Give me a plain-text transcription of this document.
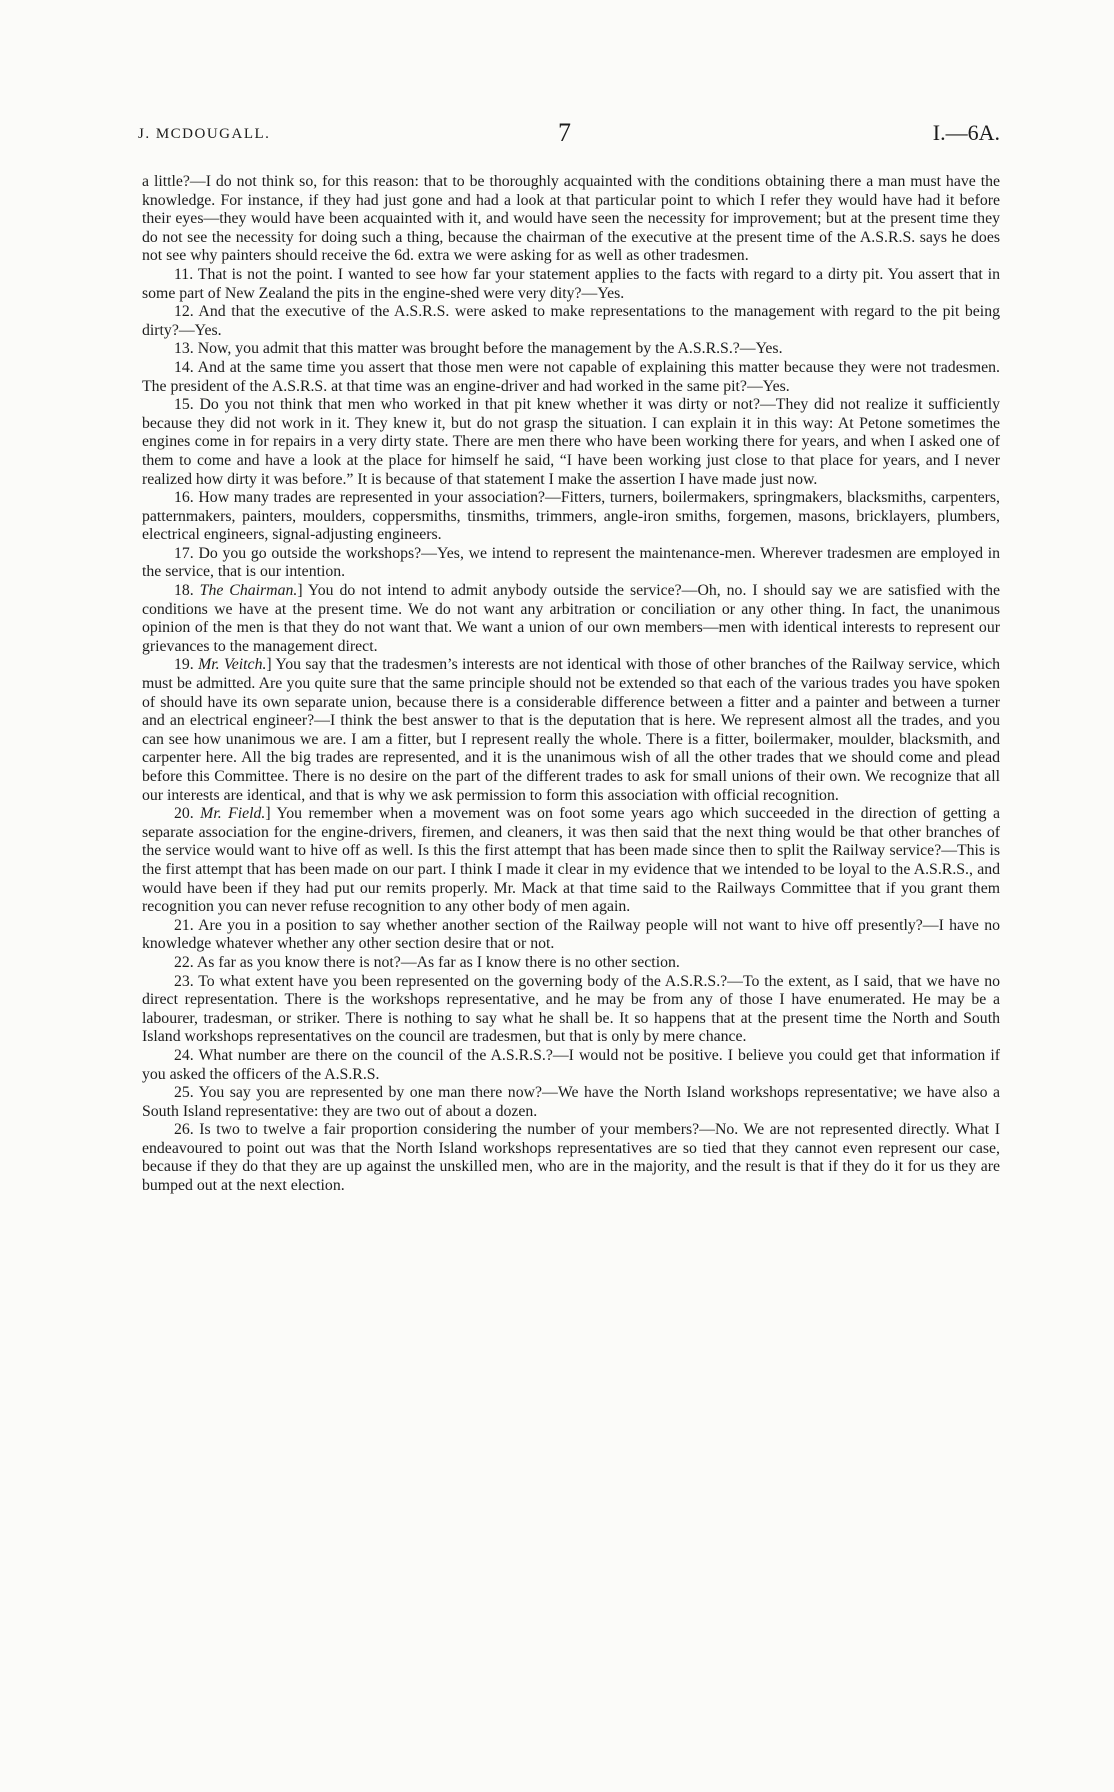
J. MCDOUGALL.	7	I.—6A.

a little?—I do not think so, for this reason: that to be thoroughly acquainted with the conditions obtaining there a man must have the knowledge. For instance, if they had just gone and had a look at that particular point to which I refer they would have had it before their eyes—they would have been acquainted with it, and would have seen the necessity for improvement; but at the present time they do not see the necessity for doing such a thing, because the chairman of the executive at the present time of the A.S.R.S. says he does not see why painters should receive the 6d. extra we were asking for as well as other tradesmen.

11. That is not the point. I wanted to see how far your statement applies to the facts with regard to a dirty pit. You assert that in some part of New Zealand the pits in the engine-shed were very dity?—Yes.

12. And that the executive of the A.S.R.S. were asked to make representations to the management with regard to the pit being dirty?—Yes.

13. Now, you admit that this matter was brought before the management by the A.S.R.S.?—Yes.

14. And at the same time you assert that those men were not capable of explaining this matter because they were not tradesmen. The president of the A.S.R.S. at that time was an engine-driver and had worked in the same pit?—Yes.

15. Do you not think that men who worked in that pit knew whether it was dirty or not?—They did not realize it sufficiently because they did not work in it. They knew it, but do not grasp the situation. I can explain it in this way: At Petone sometimes the engines come in for repairs in a very dirty state. There are men there who have been working there for years, and when I asked one of them to come and have a look at the place for himself he said, “I have been working just close to that place for years, and I never realized how dirty it was before.” It is because of that statement I make the assertion I have made just now.

16. How many trades are represented in your association?—Fitters, turners, boilermakers, springmakers, blacksmiths, carpenters, patternmakers, painters, moulders, coppersmiths, tinsmiths, trimmers, angle-iron smiths, forgemen, masons, bricklayers, plumbers, electrical engineers, signal-adjusting engineers.

17. Do you go outside the workshops?—Yes, we intend to represent the maintenance-men. Wherever tradesmen are employed in the service, that is our intention.

18. The Chairman.] You do not intend to admit anybody outside the service?—Oh, no. I should say we are satisfied with the conditions we have at the present time. We do not want any arbitration or conciliation or any other thing. In fact, the unanimous opinion of the men is that they do not want that. We want a union of our own members—men with identical interests to represent our grievances to the management direct.

19. Mr. Veitch.] You say that the tradesmen’s interests are not identical with those of other branches of the Railway service, which must be admitted. Are you quite sure that the same principle should not be extended so that each of the various trades you have spoken of should have its own separate union, because there is a considerable difference between a fitter and a painter and between a turner and an electrical engineer?—I think the best answer to that is the deputation that is here. We represent almost all the trades, and you can see how unanimous we are. I am a fitter, but I represent really the whole. There is a fitter, boilermaker, moulder, blacksmith, and carpenter here. All the big trades are represented, and it is the unanimous wish of all the other trades that we should come and plead before this Committee. There is no desire on the part of the different trades to ask for small unions of their own. We recognize that all our interests are identical, and that is why we ask permission to form this association with official recognition.

20. Mr. Field.] You remember when a movement was on foot some years ago which succeeded in the direction of getting a separate association for the engine-drivers, firemen, and cleaners, it was then said that the next thing would be that other branches of the service would want to hive off as well. Is this the first attempt that has been made since then to split the Railway service?—This is the first attempt that has been made on our part. I think I made it clear in my evidence that we intended to be loyal to the A.S.R.S., and would have been if they had put our remits properly. Mr. Mack at that time said to the Railways Committee that if you grant them recognition you can never refuse recognition to any other body of men again.

21. Are you in a position to say whether another section of the Railway people will not want to hive off presently?—I have no knowledge whatever whether any other section desire that or not.

22. As far as you know there is not?—As far as I know there is no other section.

23. To what extent have you been represented on the governing body of the A.S.R.S.?—To the extent, as I said, that we have no direct representation. There is the workshops representative, and he may be from any of those I have enumerated. He may be a labourer, tradesman, or striker. There is nothing to say what he shall be. It so happens that at the present time the North and South Island workshops representatives on the council are tradesmen, but that is only by mere chance.

24. What number are there on the council of the A.S.R.S.?—I would not be positive. I believe you could get that information if you asked the officers of the A.S.R.S.

25. You say you are represented by one man there now?—We have the North Island workshops representative; we have also a South Island representative: they are two out of about a dozen.

26. Is two to twelve a fair proportion considering the number of your members?—No. We are not represented directly. What I endeavoured to point out was that the North Island workshops representatives are so tied that they cannot even represent our case, because if they do that they are up against the unskilled men, who are in the majority, and the result is that if they do it for us they are bumped out at the next election.
